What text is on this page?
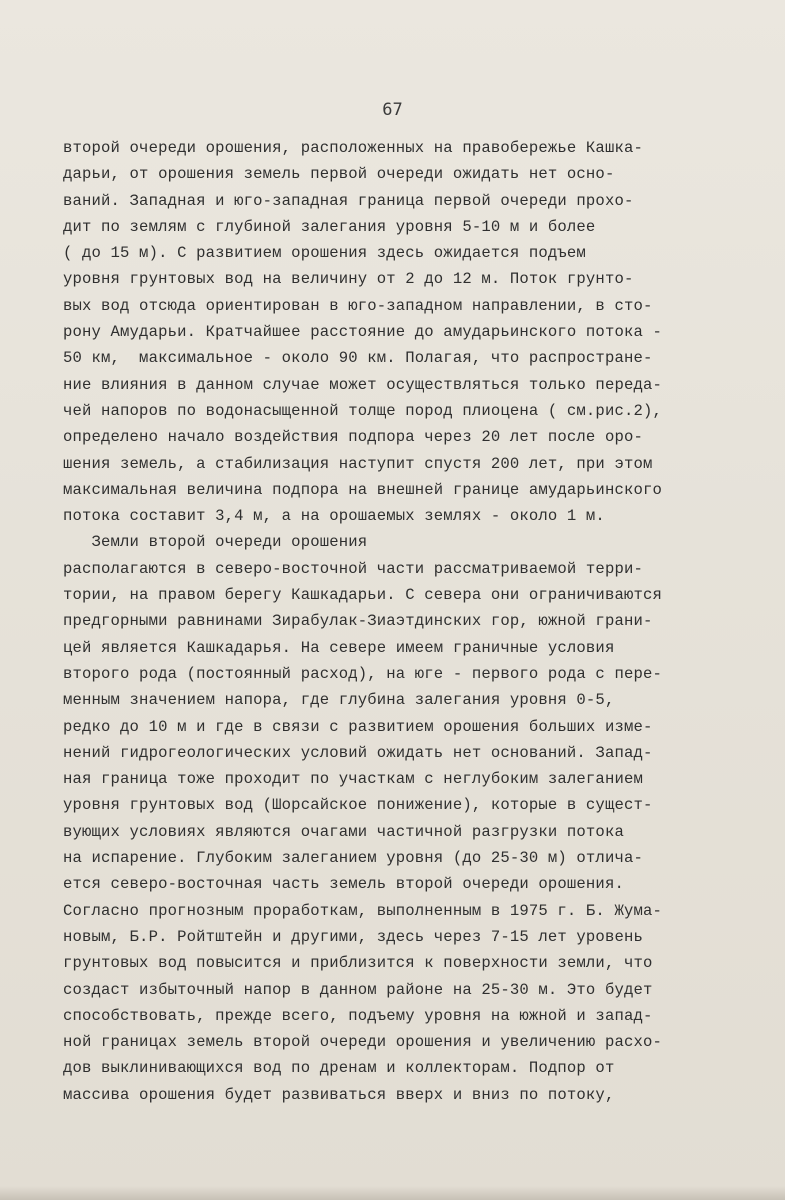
67
второй очереди орошения, расположенных на правобережье Кашка-
дарьи, от орошения земель первой очереди ожидать нет осно-
ваний. Западная и юго-западная граница первой очереди прохо-
дит по землям с глубиной залегания уровня 5-10 м и более
( до 15 м). С развитием орошения здесь ожидается подъем
уровня грунтовых вод на величину от 2 до 12 м. Поток грунто-
вых вод отсюда ориентирован в юго-западном направлении, в сто-
рону Амударьи. Кратчайшее расстояние до амударьинского потока -
50 км,  максимальное - около 90 км. Полагая, что распростране-
ние влияния в данном случае может осуществляться только переда-
чей напоров по водонасыщенной толще пород плиоцена ( см.рис.2),
определено начало воздействия подпора через 20 лет после оро-
шения земель, а стабилизация наступит спустя 200 лет, при этом
максимальная величина подпора на внешней границе амударьинского
потока составит 3,4 м, а на орошаемых землях - около 1 м.
Земли второй очереди орошения
располагаются в северо-восточной части рассматриваемой терри-
тории, на правом берегу Кашкадарьи. С севера они ограничиваются
предгорными равнинами Зирабулак-Зиаэтдинских гор, южной грани-
цей является Кашкадарья. На севере имеем граничные условия
второго рода (постоянный расход), на юге - первого рода с пере-
менным значением напора, где глубина залегания уровня 0-5,
редко до 10 м и где в связи с развитием орошения больших изме-
нений гидрогеологических условий ожидать нет оснований. Запад-
ная граница тоже проходит по участкам с неглубоким залеганием
уровня грунтовых вод (Шорсайское понижение), которые в сущест-
вующих условиях являются очагами частичной разгрузки потока
на испарение. Глубоким залеганием уровня (до 25-30 м) отлича-
ется северо-восточная часть земель второй очереди орошения.
Согласно прогнозным проработкам, выполненным в 1975 г. Б. Жума-
новым, Б.Р. Ройтштейн и другими, здесь через 7-15 лет уровень
грунтовых вод повысится и приблизится к поверхности земли, что
создаст избыточный напор в данном районе на 25-30 м. Это будет
способствовать, прежде всего, подъему уровня на южной и запад-
ной границах земель второй очереди орошения и увеличению расхо-
дов выклинивающихся вод по дренам и коллекторам. Подпор от
массива орошения будет развиваться вверх и вниз по потоку,
